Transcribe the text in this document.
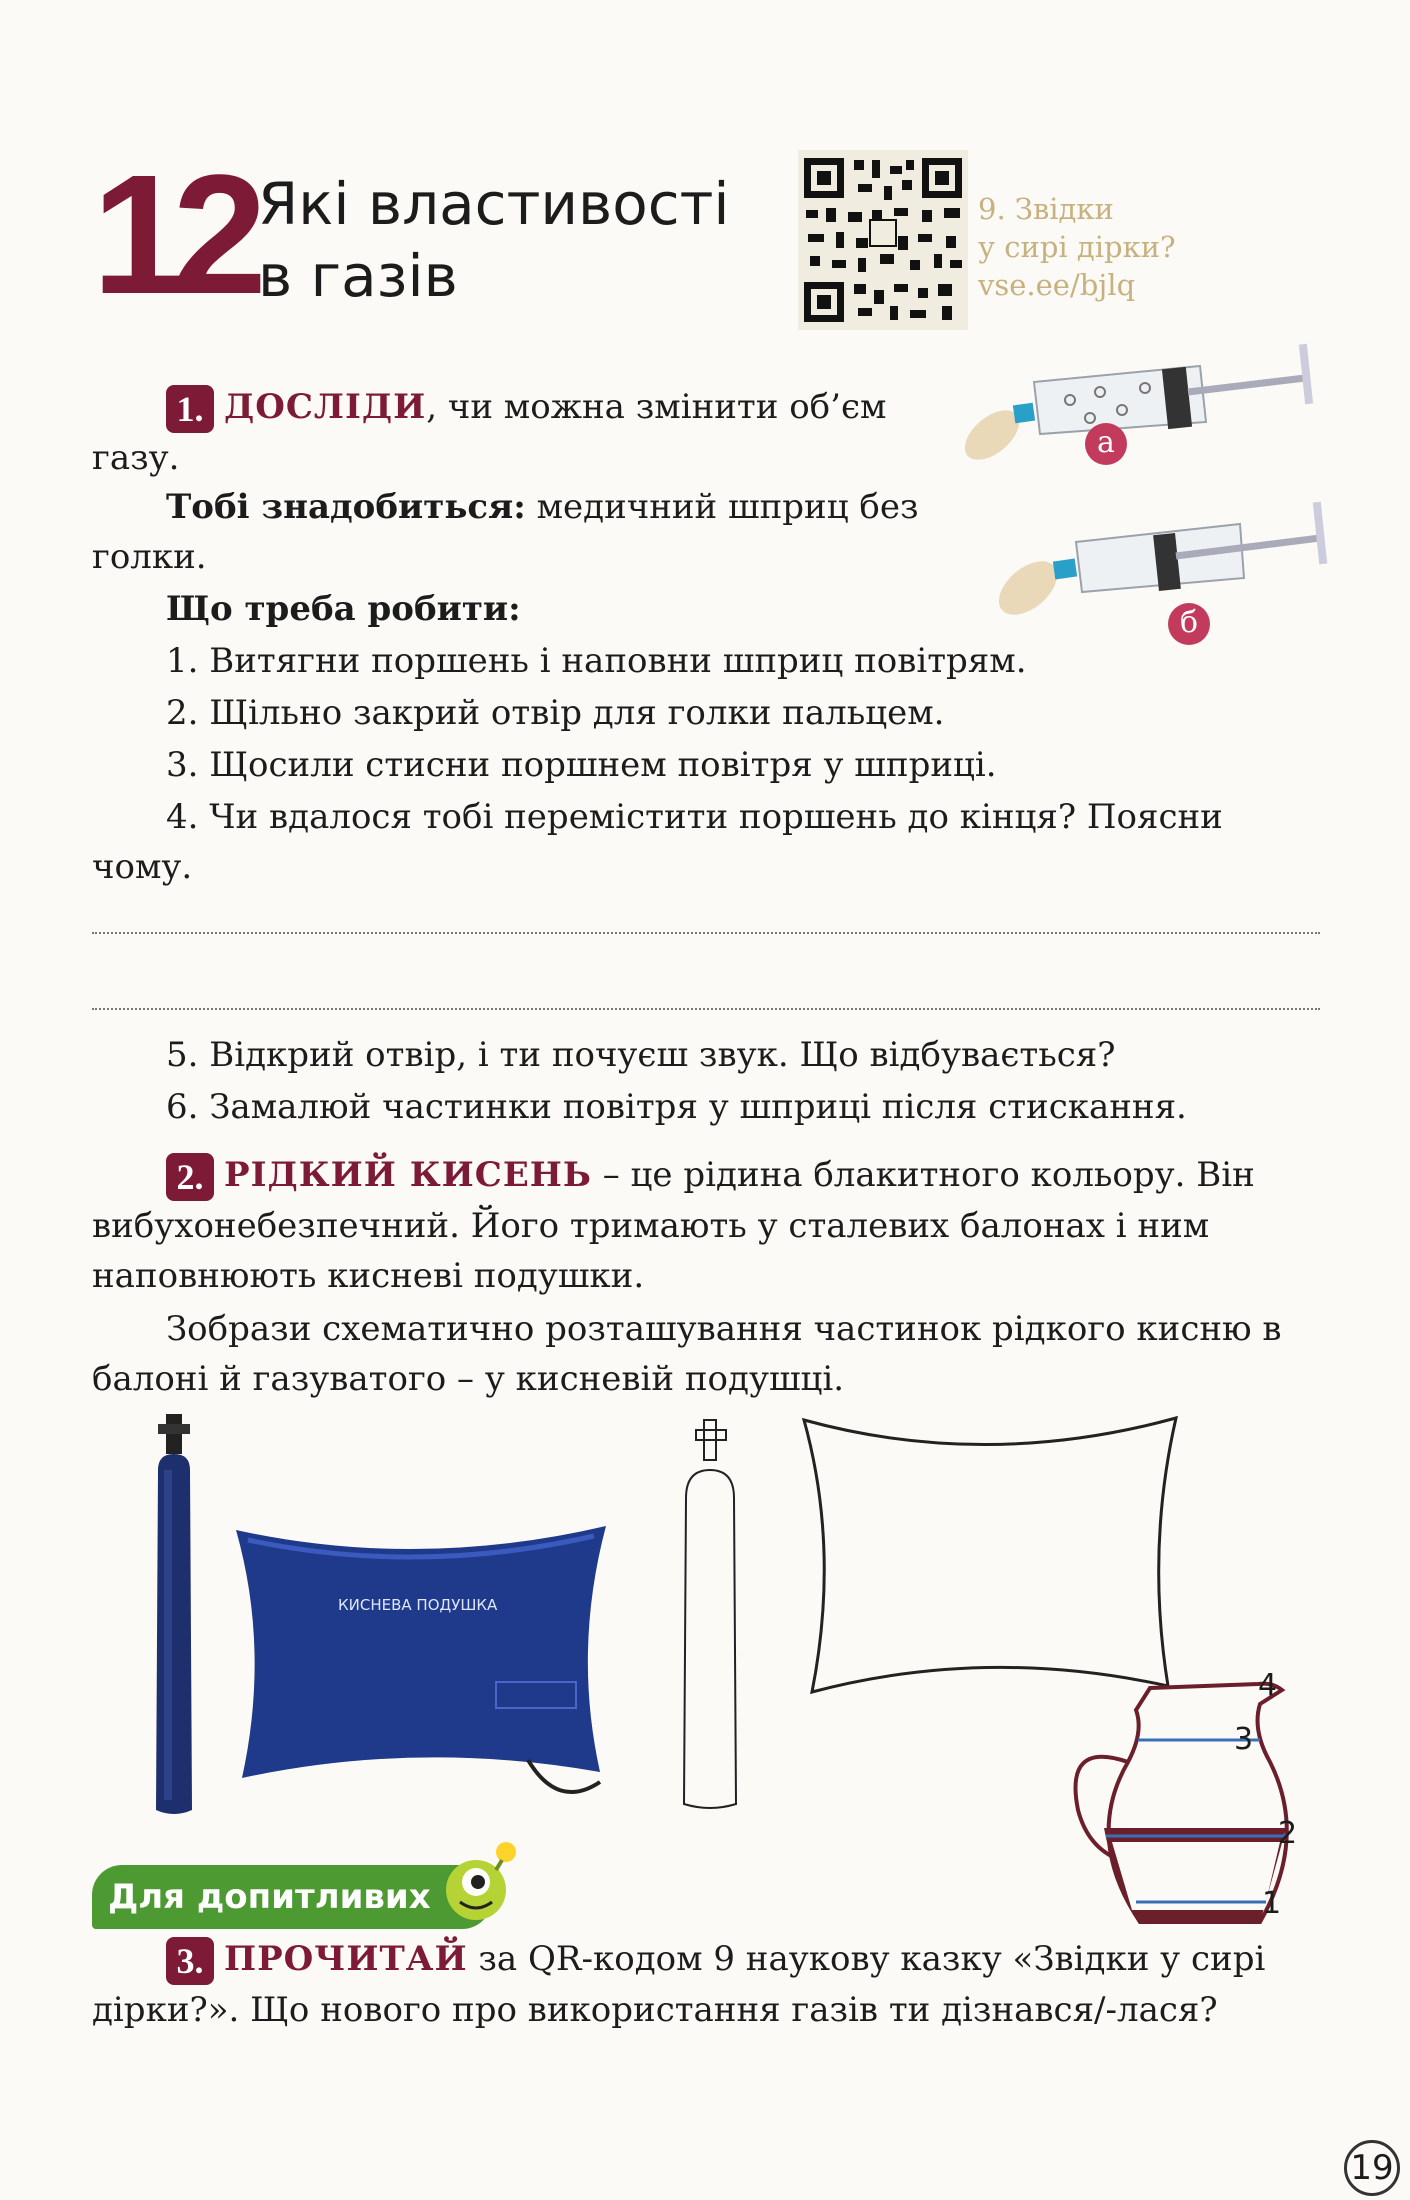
12 Які властивості
в газів
9. Звідки
у сирі дірки?
vse.ee/bjlq
а
б
1. ДОСЛІДИ, чи можна змінити об’єм газу.
Тобі знадобиться: медичний шприц без голки.
Що треба робити:
1. Витягни поршень і наповни шприц повітрям.
2. Щільно закрий отвір для голки пальцем.
3. Щосили стисни поршнем повітря у шприці.
4. Чи вдалося тобі перемістити поршень до кінця? Поясни чому.
5. Відкрий отвір, і ти почуєш звук. Що відбувається?
6. Замалюй частинки повітря у шприці після стискання.
2. РІДКИЙ КИСЕНЬ – це рідина блакитного кольору. Він вибухонебезпечний. Його тримають у сталевих балонах і ним наповнюють кисневі подушки.
Зобрази схематично розташування частинок рідкого кисню в балоні й газуватого – у кисневій подушці.
КИСНЕВА ПОДУШКА
4
3
2
1
Для допитливих
3. ПРОЧИТАЙ за QR-кодом 9 наукову казку «Звідки у сирі дірки?». Що нового про використання газів ти дізнався/-лася?
19
